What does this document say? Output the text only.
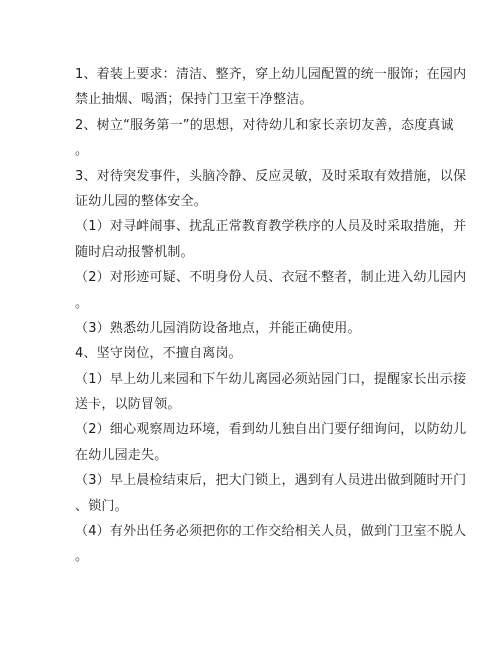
1、着装上要求：清洁、整齐，穿上幼儿园配置的统一服饰；在园内
禁止抽烟、喝酒；保持门卫室干净整洁。
2、树立“服务第一”的思想，对待幼儿和家长亲切友善，态度真诚
。
3、对待突发事件，头脑冷静、反应灵敏，及时采取有效措施，以保
证幼儿园的整体安全。
（1）对寻衅闹事、扰乱正常教育教学秩序的人员及时采取措施，并
随时启动报警机制。
（2）对形迹可疑、不明身份人员、衣冠不整者，制止进入幼儿园内
。
（3）熟悉幼儿园消防设备地点，并能正确使用。
4、坚守岗位，不擅自离岗。
（1）早上幼儿来园和下午幼儿离园必须站园门口，提醒家长出示接
送卡，以防冒领。
（2）细心观察周边环境，看到幼儿独自出门要仔细询问，以防幼儿
在幼儿园走失。
（3）早上晨检结束后，把大门锁上，遇到有人员进出做到随时开门
、锁门。
（4）有外出任务必须把你的工作交给相关人员，做到门卫室不脱人
。
